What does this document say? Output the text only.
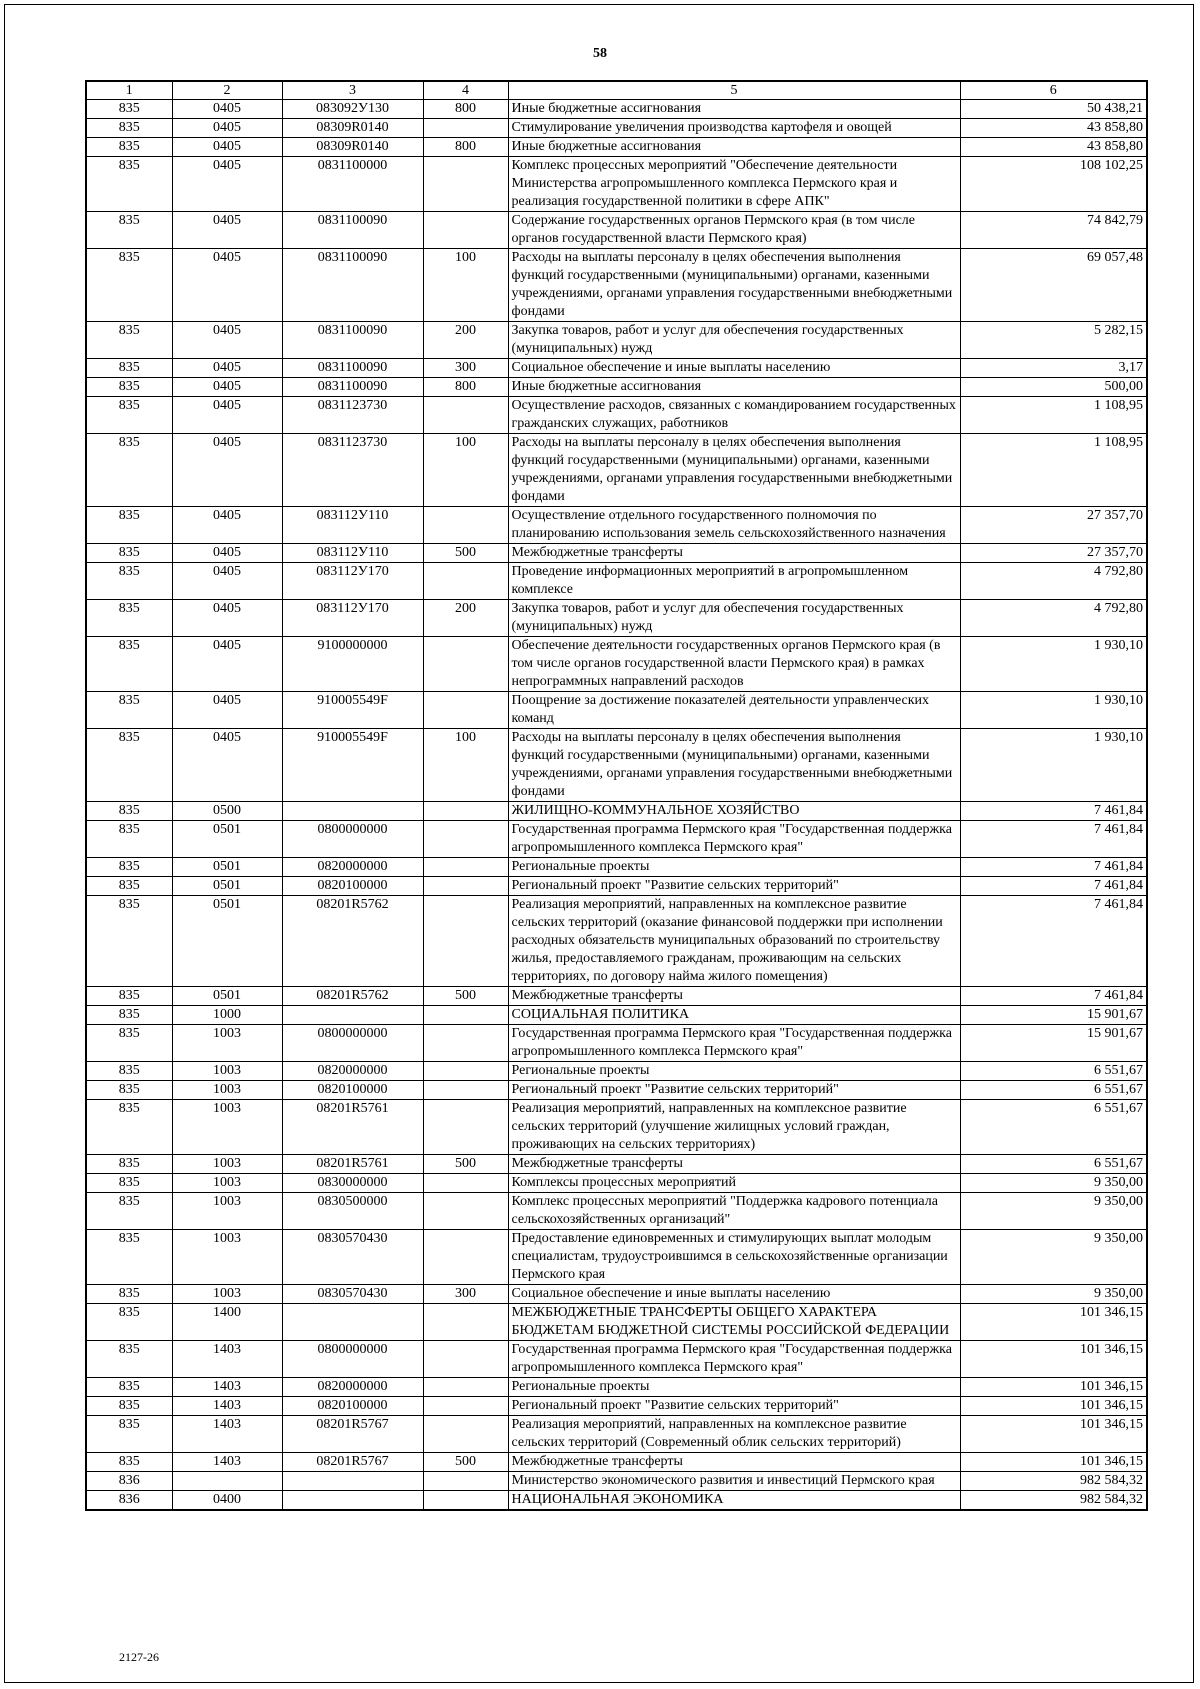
58
1	2	3	4	5	6
835	0405	083092У130	800	Иные бюджетные ассигнования	50 438,21
835	0405	08309R0140		Стимулирование увеличения производства картофеля и овощей	43 858,80
835	0405	08309R0140	800	Иные бюджетные ассигнования	43 858,80
835	0405	0831100000		Комплекс процессных мероприятий "Обеспечение деятельности Министерства агропромышленного комплекса Пермского края и реализация государственной политики в сфере АПК"	108 102,25
835	0405	0831100090		Содержание государственных органов Пермского края (в том числе органов государственной власти Пермского края)	74 842,79
835	0405	0831100090	100	Расходы на выплаты персоналу в целях обеспечения выполнения функций государственными (муниципальными) органами, казенными учреждениями, органами управления государственными внебюджетными фондами	69 057,48
835	0405	0831100090	200	Закупка товаров, работ и услуг для обеспечения государственных (муниципальных) нужд	5 282,15
835	0405	0831100090	300	Социальное обеспечение и иные выплаты населению	3,17
835	0405	0831100090	800	Иные бюджетные ассигнования	500,00
835	0405	0831123730		Осуществление расходов, связанных с командированием государственных гражданских служащих, работников	1 108,95
835	0405	0831123730	100	Расходы на выплаты персоналу в целях обеспечения выполнения функций государственными (муниципальными) органами, казенными учреждениями, органами управления государственными внебюджетными фондами	1 108,95
835	0405	083112У110		Осуществление отдельного государственного полномочия по планированию использования земель сельскохозяйственного назначения	27 357,70
835	0405	083112У110	500	Межбюджетные трансферты	27 357,70
835	0405	083112У170		Проведение информационных мероприятий в агропромышленном комплексе	4 792,80
835	0405	083112У170	200	Закупка товаров, работ и услуг для обеспечения государственных (муниципальных) нужд	4 792,80
835	0405	9100000000		Обеспечение деятельности государственных органов Пермского края (в том числе органов государственной власти Пермского края) в рамках непрограммных направлений расходов	1 930,10
835	0405	910005549F		Поощрение за достижение показателей деятельности управленческих команд	1 930,10
835	0405	910005549F	100	Расходы на выплаты персоналу в целях обеспечения выполнения функций государственными (муниципальными) органами, казенными учреждениями, органами управления государственными внебюджетными фондами	1 930,10
835	0500			ЖИЛИЩНО-КОММУНАЛЬНОЕ ХОЗЯЙСТВО	7 461,84
835	0501	0800000000		Государственная программа Пермского края "Государственная поддержка агропромышленного комплекса Пермского края"	7 461,84
835	0501	0820000000		Региональные проекты	7 461,84
835	0501	0820100000		Региональный проект "Развитие сельских территорий"	7 461,84
835	0501	08201R5762		Реализация мероприятий, направленных на комплексное развитие сельских территорий (оказание финансовой поддержки при исполнении расходных обязательств муниципальных образований по строительству жилья, предоставляемого гражданам, проживающим на сельских территориях, по договору найма жилого помещения)	7 461,84
835	0501	08201R5762	500	Межбюджетные трансферты	7 461,84
835	1000			СОЦИАЛЬНАЯ ПОЛИТИКА	15 901,67
835	1003	0800000000		Государственная программа Пермского края "Государственная поддержка агропромышленного комплекса Пермского края"	15 901,67
835	1003	0820000000		Региональные проекты	6 551,67
835	1003	0820100000		Региональный проект "Развитие сельских территорий"	6 551,67
835	1003	08201R5761		Реализация мероприятий, направленных на комплексное развитие сельских территорий (улучшение жилищных условий граждан, проживающих на сельских территориях)	6 551,67
835	1003	08201R5761	500	Межбюджетные трансферты	6 551,67
835	1003	0830000000		Комплексы процессных мероприятий	9 350,00
835	1003	0830500000		Комплекс процессных мероприятий "Поддержка кадрового потенциала сельскохозяйственных организаций"	9 350,00
835	1003	0830570430		Предоставление единовременных и стимулирующих выплат молодым специалистам, трудоустроившимся в сельскохозяйственные организации Пермского края	9 350,00
835	1003	0830570430	300	Социальное обеспечение и иные выплаты населению	9 350,00
835	1400			МЕЖБЮДЖЕТНЫЕ ТРАНСФЕРТЫ ОБЩЕГО ХАРАКТЕРА БЮДЖЕТАМ БЮДЖЕТНОЙ СИСТЕМЫ РОССИЙСКОЙ ФЕДЕРАЦИИ	101 346,15
835	1403	0800000000		Государственная программа Пермского края "Государственная поддержка агропромышленного комплекса Пермского края"	101 346,15
835	1403	0820000000		Региональные проекты	101 346,15
835	1403	0820100000		Региональный проект "Развитие сельских территорий"	101 346,15
835	1403	08201R5767		Реализация мероприятий, направленных на комплексное развитие сельских территорий (Современный облик сельских территорий)	101 346,15
835	1403	08201R5767	500	Межбюджетные трансферты	101 346,15
836				Министерство экономического развития и инвестиций Пермского края	982 584,32
836	0400			НАЦИОНАЛЬНАЯ ЭКОНОМИКА	982 584,32
2127-26
